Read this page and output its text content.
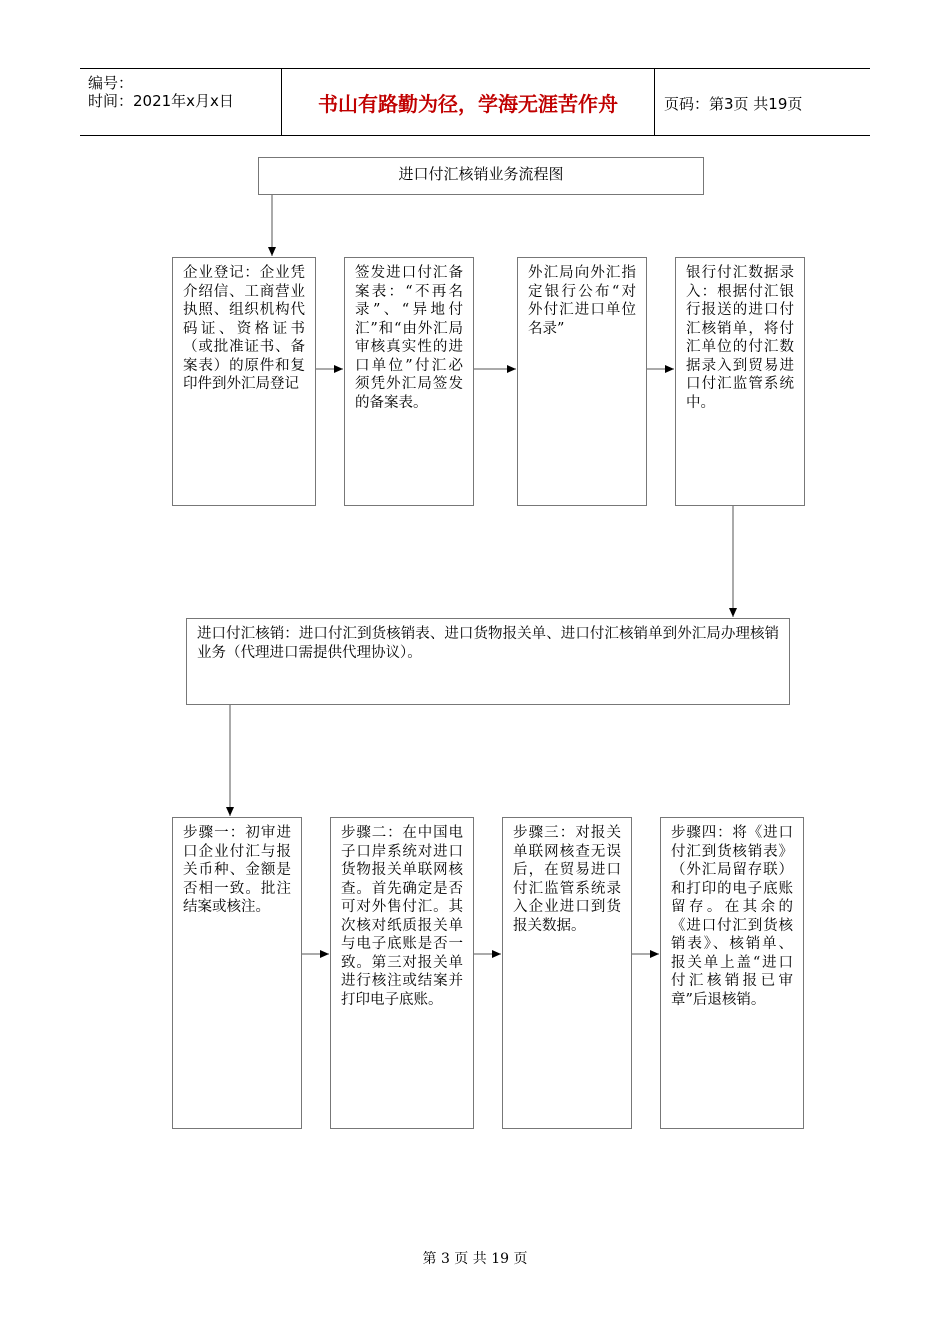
编号：
时间：2021年x月x日	书山有路勤为径，学海无涯苦作舟	页码：第3页 共19页
进口付汇核销业务流程图
企业登记：企业凭介绍信、工商营业执照、组织机构代码证、资格证书（或批准证书、备案表）的原件和复印件到外汇局登记
签发进口付汇备案表：“不再名录”、“异地付汇”和“由外汇局审核真实性的进口单位”付汇必须凭外汇局签发的备案表。
外汇局向外汇指定银行公布“对外付汇进口单位名录”
银行付汇数据录入：根据付汇银行报送的进口付汇核销单，将付汇单位的付汇数据录入到贸易进口付汇监管系统中。
进口付汇核销：进口付汇到货核销表、进口货物报关单、进口付汇核销单到外汇局办理核销业务（代理进口需提供代理协议）。
步骤一：初审进口企业付汇与报关币种、金额是否相一致。批注结案或核注。
步骤二：在中国电子口岸系统对进口货物报关单联网核查。首先确定是否可对外售付汇。其次核对纸质报关单与电子底账是否一致。第三对报关单进行核注或结案并打印电子底账。
步骤三：对报关单联网核查无误后，在贸易进口付汇监管系统录入企业进口到货报关数据。
步骤四：将《进口付汇到货核销表》（外汇局留存联）和打印的电子底账留存。在其余的《进口付汇到货核销表》、核销单、报关单上盖“进口付汇核销报已审章”后退核销。
第 3 页 共 19 页
